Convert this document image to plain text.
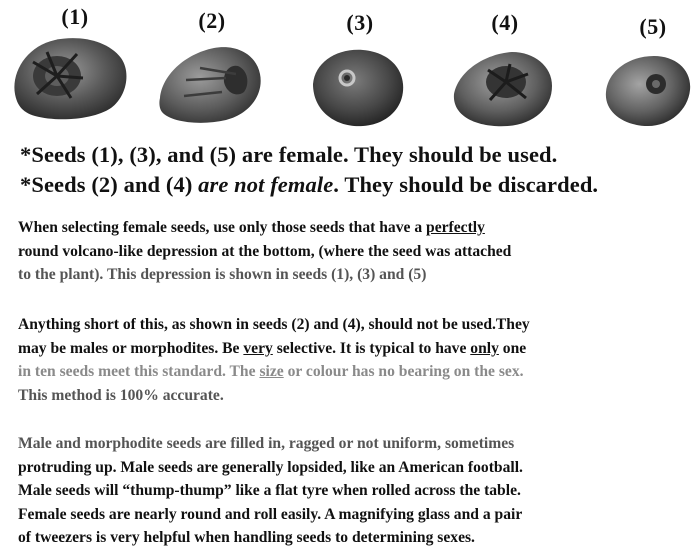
(1)	(2)	(3)	(4)	(5)
*Seeds (1), (3), and (5) are female. They should be used.
*Seeds (2) and (4) are not female. They should be discarded.
When selecting female seeds, use only those seeds that have a perfectly
round volcano-like depression at the bottom, (where the seed was attached
to the plant). This depression is shown in seeds (1), (3) and (5)
Anything short of this, as shown in seeds (2) and (4), should not be used.They
may be males or morphodites. Be very selective. It is typical to have only one
in ten seeds meet this standard. The size or colour has no bearing on the sex.
This method is 100% accurate.
Male and morphodite seeds are filled in, ragged or not uniform, sometimes
protruding up. Male seeds are generally lopsided, like an American football.
Male seeds will “thump-thump” like a flat tyre when rolled across the table.
Female seeds are nearly round and roll easily. A magnifying glass and a pair
of tweezers is very helpful when handling seeds to determining sexes.
